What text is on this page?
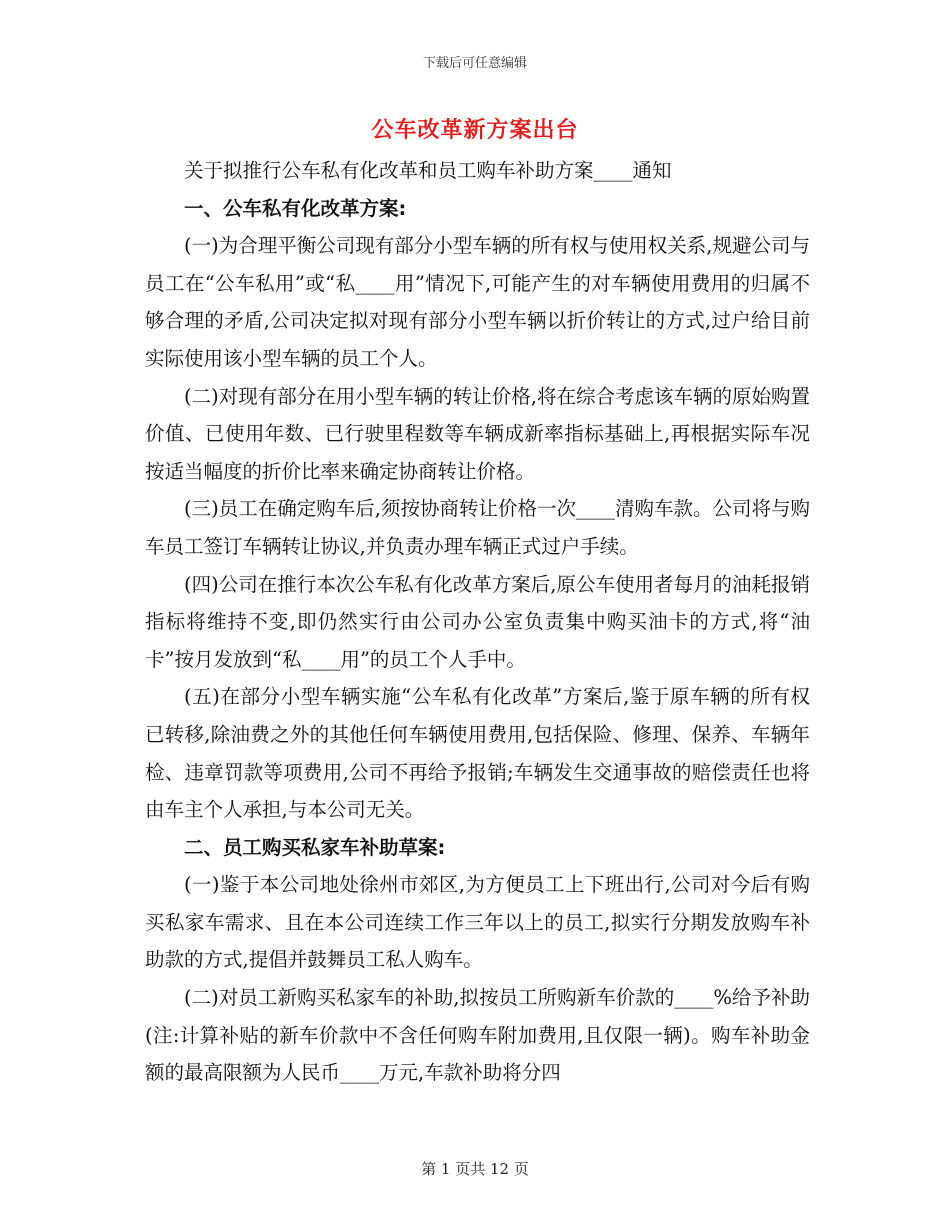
下载后可任意编辑
公车改革新方案出台

关于拟推行公车私有化改革和员工购车补助方案____通知

一、公车私有化改革方案:

(一)为合理平衡公司现有部分小型车辆的所有权与使用权关系,规避公司与员工在“公车私用”或“私____用”情况下,可能产生的对车辆使用费用的归属不够合理的矛盾,公司决定拟对现有部分小型车辆以折价转让的方式,过户给目前实际使用该小型车辆的员工个人。

(二)对现有部分在用小型车辆的转让价格,将在综合考虑该车辆的原始购置价值、已使用年数、已行驶里程数等车辆成新率指标基础上,再根据实际车况按适当幅度的折价比率来确定协商转让价格。

(三)员工在确定购车后,须按协商转让价格一次____清购车款。公司将与购车员工签订车辆转让协议,并负责办理车辆正式过户手续。

(四)公司在推行本次公车私有化改革方案后,原公车使用者每月的油耗报销指标将维持不变,即仍然实行由公司办公室负责集中购买油卡的方式,将“油卡”按月发放到“私____用”的员工个人手中。

(五)在部分小型车辆实施“公车私有化改革”方案后,鉴于原车辆的所有权已转移,除油费之外的其他任何车辆使用费用,包括保险、修理、保养、车辆年检、违章罚款等项费用,公司不再给予报销;车辆发生交通事故的赔偿责任也将由车主个人承担,与本公司无关。

二、员工购买私家车补助草案:

(一)鉴于本公司地处徐州市郊区,为方便员工上下班出行,公司对今后有购买私家车需求、且在本公司连续工作三年以上的员工,拟实行分期发放购车补助款的方式,提倡并鼓舞员工私人购车。

(二)对员工新购买私家车的补助,拟按员工所购新车价款的____%给予补助(注:计算补贴的新车价款中不含任何购车附加费用,且仅限一辆)。购车补助金额的最高限额为人民币____万元,车款补助将分四

第 1 页共 12 页
